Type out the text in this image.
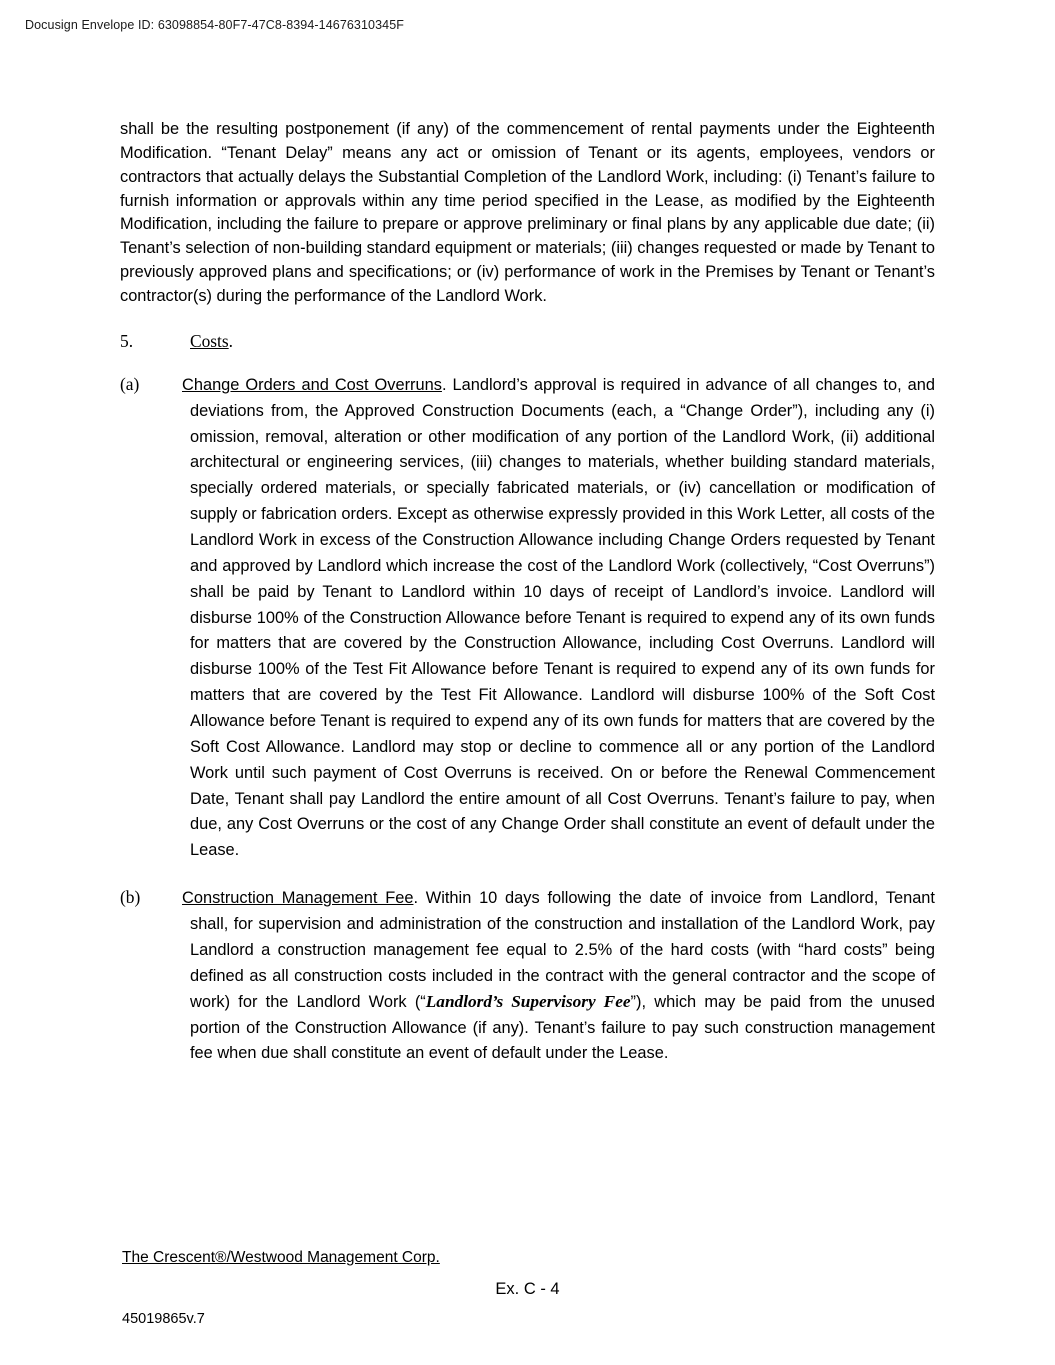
Docusign Envelope ID: 63098854-80F7-47C8-8394-14676310345F

shall be the resulting postponement (if any) of the commencement of rental payments under the Eighteenth Modification. “Tenant Delay” means any act or omission of Tenant or its agents, employees, vendors or contractors that actually delays the Substantial Completion of the Landlord Work, including: (i) Tenant’s failure to furnish information or approvals within any time period specified in the Lease, as modified by the Eighteenth Modification, including the failure to prepare or approve preliminary or final plans by any applicable due date; (ii) Tenant’s selection of non-building standard equipment or materials; (iii) changes requested or made by Tenant to previously approved plans and specifications; or (iv) performance of work in the Premises by Tenant or Tenant’s contractor(s) during the performance of the Landlord Work.

5.	Costs.

(a)	Change Orders and Cost Overruns. Landlord’s approval is required in advance of all changes to, and deviations from, the Approved Construction Documents (each, a “Change Order”), including any (i) omission, removal, alteration or other modification of any portion of the Landlord Work, (ii) additional architectural or engineering services, (iii) changes to materials, whether building standard materials, specially ordered materials, or specially fabricated materials, or (iv) cancellation or modification of supply or fabrication orders. Except as otherwise expressly provided in this Work Letter, all costs of the Landlord Work in excess of the Construction Allowance including Change Orders requested by Tenant and approved by Landlord which increase the cost of the Landlord Work (collectively, “Cost Overruns”) shall be paid by Tenant to Landlord within 10 days of receipt of Landlord’s invoice. Landlord will disburse 100% of the Construction Allowance before Tenant is required to expend any of its own funds for matters that are covered by the Construction Allowance, including Cost Overruns. Landlord will disburse 100% of the Test Fit Allowance before Tenant is required to expend any of its own funds for matters that are covered by the Test Fit Allowance. Landlord will disburse 100% of the Soft Cost Allowance before Tenant is required to expend any of its own funds for matters that are covered by the Soft Cost Allowance. Landlord may stop or decline to commence all or any portion of the Landlord Work until such payment of Cost Overruns is received. On or before the Renewal Commencement Date, Tenant shall pay Landlord the entire amount of all Cost Overruns. Tenant’s failure to pay, when due, any Cost Overruns or the cost of any Change Order shall constitute an event of default under the Lease.

(b)	Construction Management Fee. Within 10 days following the date of invoice from Landlord, Tenant shall, for supervision and administration of the construction and installation of the Landlord Work, pay Landlord a construction management fee equal to 2.5% of the hard costs (with “hard costs” being defined as all construction costs included in the contract with the general contractor and the scope of work) for the Landlord Work (“Landlord’s Supervisory Fee”), which may be paid from the unused portion of the Construction Allowance (if any). Tenant’s failure to pay such construction management fee when due shall constitute an event of default under the Lease.

The Crescent®/Westwood Management Corp.
Ex. C - 4
45019865v.7
